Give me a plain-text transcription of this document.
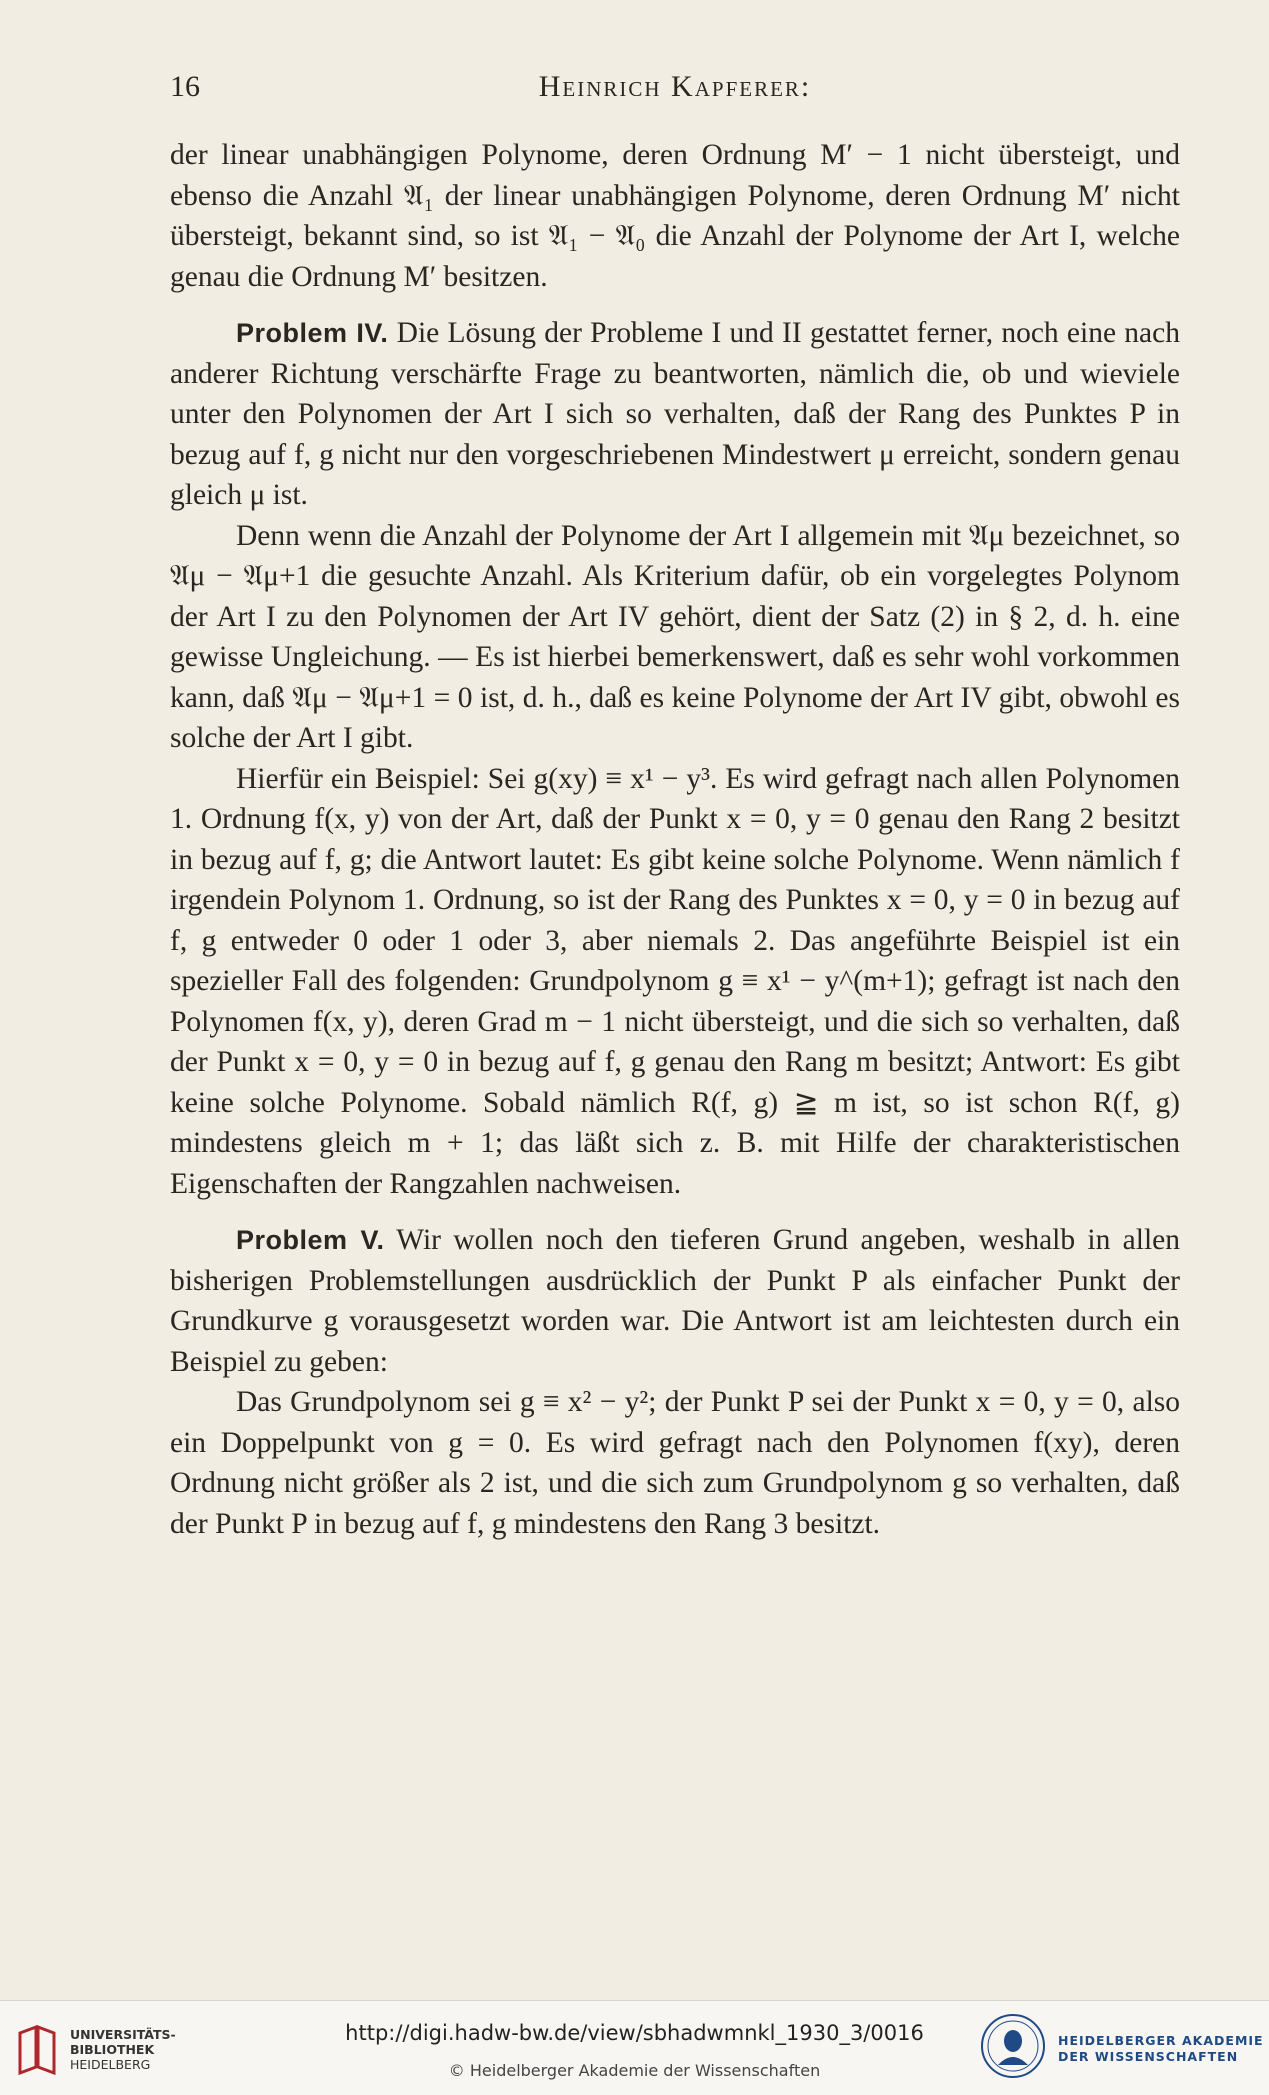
16	Heinrich Kapferer:

der linear unabhängigen Polynome, deren Ordnung M′ − 1 nicht übersteigt, und ebenso die Anzahl 𝔄₁ der linear unabhängigen Polynome, deren Ordnung M′ nicht übersteigt, bekannt sind, so ist 𝔄₁ − 𝔄₀ die Anzahl der Polynome der Art I, welche genau die Ordnung M′ besitzen.

Problem IV. Die Lösung der Probleme I und II gestattet ferner, noch eine nach anderer Richtung verschärfte Frage zu beantworten, nämlich die, ob und wieviele unter den Polynomen der Art I sich so verhalten, daß der Rang des Punktes P in bezug auf f, g nicht nur den vorgeschriebenen Mindestwert μ erreicht, sondern genau gleich μ ist.

Denn wenn die Anzahl der Polynome der Art I allgemein mit 𝔄μ bezeichnet, so 𝔄μ − 𝔄μ+1 die gesuchte Anzahl. Als Kriterium dafür, ob ein vorgelegtes Polynom der Art I zu den Polynomen der Art IV gehört, dient der Satz (2) in § 2, d. h. eine gewisse Ungleichung. — Es ist hierbei bemerkenswert, daß es sehr wohl vorkommen kann, daß 𝔄μ − 𝔄μ+1 = 0 ist, d. h., daß es keine Polynome der Art IV gibt, obwohl es solche der Art I gibt.

Hierfür ein Beispiel: Sei g(xy) ≡ x¹ − y³. Es wird gefragt nach allen Polynomen 1. Ordnung f(x, y) von der Art, daß der Punkt x = 0, y = 0 genau den Rang 2 besitzt in bezug auf f, g; die Antwort lautet: Es gibt keine solche Polynome. Wenn nämlich f irgendein Polynom 1. Ordnung, so ist der Rang des Punktes x = 0, y = 0 in bezug auf f, g entweder 0 oder 1 oder 3, aber niemals 2. Das angeführte Beispiel ist ein spezieller Fall des folgenden: Grundpolynom g ≡ x¹ − y^(m+1); gefragt ist nach den Polynomen f(x, y), deren Grad m − 1 nicht übersteigt, und die sich so verhalten, daß der Punkt x = 0, y = 0 in bezug auf f, g genau den Rang m besitzt; Antwort: Es gibt keine solche Polynome. Sobald nämlich R(f, g) ≧ m ist, so ist schon R(f, g) mindestens gleich m + 1; das läßt sich z. B. mit Hilfe der charakteristischen Eigenschaften der Rangzahlen nachweisen.

Problem V. Wir wollen noch den tieferen Grund angeben, weshalb in allen bisherigen Problemstellungen ausdrücklich der Punkt P als einfacher Punkt der Grundkurve g vorausgesetzt worden war. Die Antwort ist am leichtesten durch ein Beispiel zu geben:

Das Grundpolynom sei g ≡ x² − y²; der Punkt P sei der Punkt x = 0, y = 0, also ein Doppelpunkt von g = 0. Es wird gefragt nach den Polynomen f(xy), deren Ordnung nicht größer als 2 ist, und die sich zum Grundpolynom g so verhalten, daß der Punkt P in bezug auf f, g mindestens den Rang 3 besitzt.

UNIVERSITÄTS-
BIBLIOTHEK
HEIDELBERG
http://digi.hadw-bw.de/view/sbhadwmnkl_1930_3/0016
© Heidelberger Akademie der Wissenschaften
HEIDELBERGER AKADEMIE
DER WISSENSCHAFTEN
